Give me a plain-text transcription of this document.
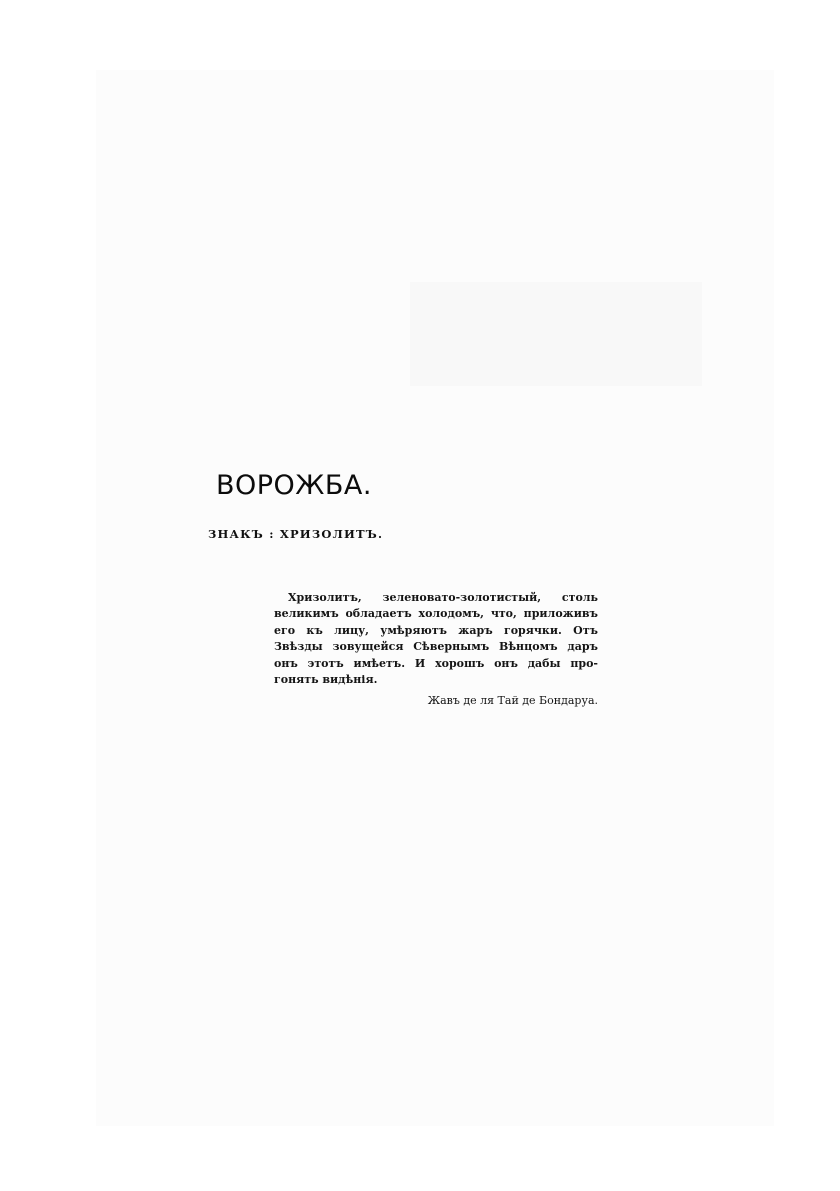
ВОРОЖБА.

ЗНАКЪ : ХРИЗОЛИТЪ.

Хризолитъ, зеленовато-золотистый, столь
великимъ обладаетъ холодомъ, что, приложивъ
его къ лицу, умѣряютъ жаръ горячки. Отъ
Звѣзды зовущейся Сѣвернымъ Вѣнцомъ даръ
онъ этотъ имѣетъ. И хорошъ онъ дабы про-
гонять видѣнія.

Жавъ де ля Тай де Бондаруа.
